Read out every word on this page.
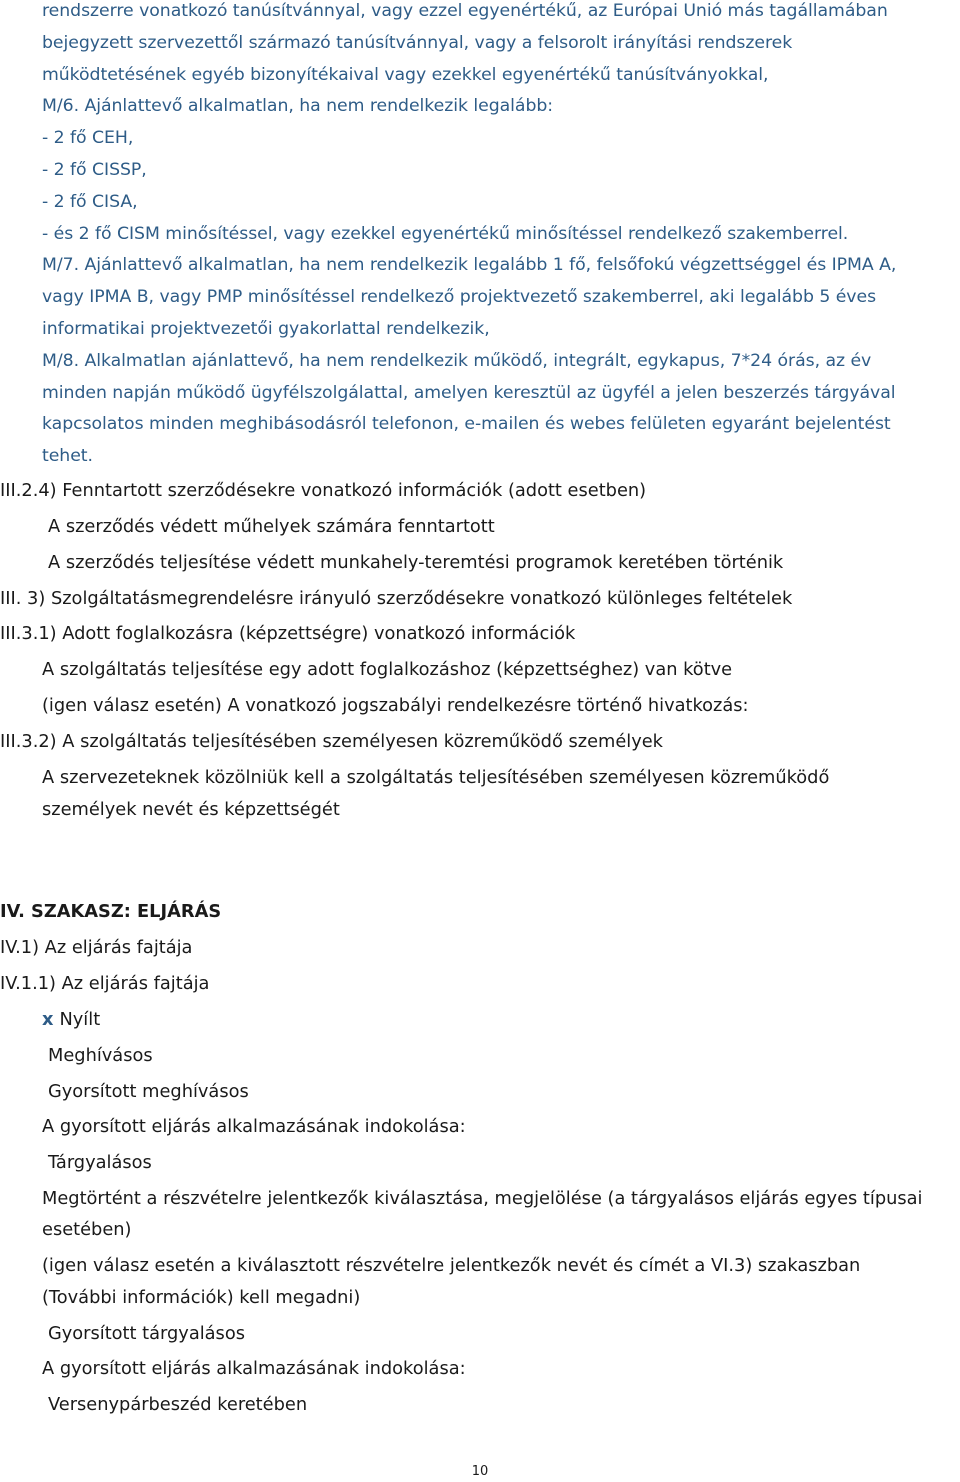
rendszerre vonatkozó tanúsítvánnyal, vagy ezzel egyenértékű, az Európai Unió más tagállamában

bejegyzett szervezettől származó tanúsítvánnyal, vagy a felsorolt irányítási rendszerek

működtetésének egyéb bizonyítékaival vagy ezekkel egyenértékű tanúsítványokkal,

M/6. Ajánlattevő alkalmatlan, ha nem rendelkezik legalább:

- 2 fő CEH,

- 2 fő CISSP,

- 2 fő CISA,

- és 2 fő CISM minősítéssel, vagy ezekkel egyenértékű minősítéssel rendelkező szakemberrel.

M/7. Ajánlattevő alkalmatlan, ha nem rendelkezik legalább 1 fő, felsőfokú végzettséggel és IPMA A,

vagy IPMA B, vagy PMP minősítéssel rendelkező projektvezető szakemberrel, aki legalább 5 éves

informatikai projektvezetői gyakorlattal rendelkezik,

M/8. Alkalmatlan ajánlattevő, ha nem rendelkezik működő, integrált, egykapus, 7*24 órás, az év

minden napján működő ügyfélszolgálattal, amelyen keresztül az ügyfél a jelen beszerzés tárgyával

kapcsolatos minden meghibásodásról telefonon, e-mailen és webes felületen egyaránt bejelentést

tehet.

III.2.4) Fenntartott szerződésekre vonatkozó információk (adott esetben)
A szerződés védett műhelyek számára fenntartott
A szerződés teljesítése védett munkahely-teremtési programok keretében történik
III. 3) Szolgáltatásmegrendelésre irányuló szerződésekre vonatkozó különleges feltételek
III.3.1) Adott foglalkozásra (képzettségre) vonatkozó információk
A szolgáltatás teljesítése egy adott foglalkozáshoz (képzettséghez) van kötve
(igen válasz esetén) A vonatkozó jogszabályi rendelkezésre történő hivatkozás:
III.3.2) A szolgáltatás teljesítésében személyesen közreműködő személyek
A szervezeteknek közölniük kell a szolgáltatás teljesítésében személyesen közreműködő
személyek nevét és képzettségét
IV. SZAKASZ: ELJÁRÁS
IV.1) Az eljárás fajtája
IV.1.1) Az eljárás fajtája
x Nyílt
Meghívásos
Gyorsított meghívásos
A gyorsított eljárás alkalmazásának indokolása:
Tárgyalásos
Megtörtént a részvételre jelentkezők kiválasztása, megjelölése (a tárgyalásos eljárás egyes típusai
esetében)
(igen válasz esetén a kiválasztott részvételre jelentkezők nevét és címét a VI.3) szakaszban
(További információk) kell megadni)
Gyorsított tárgyalásos
A gyorsított eljárás alkalmazásának indokolása:
Versenypárbeszéd keretében
10
